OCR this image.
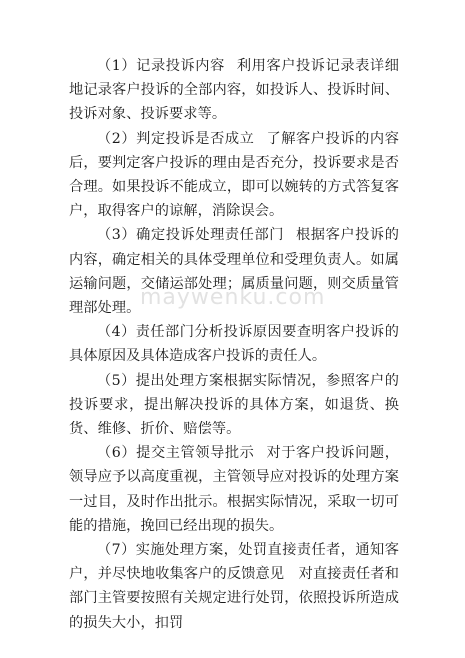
（1）记录投诉内容 利用客户投诉记录表详细地记录客户投诉的全部内容，如投诉人、投诉时间、投诉对象、投诉要求等。

（2）判定投诉是否成立 了解客户投诉的内容后，要判定客户投诉的理由是否充分，投诉要求是否合理。如果投诉不能成立，即可以婉转的方式答复客户，取得客户的谅解，消除误会。

（3）确定投诉处理责任部门 根据客户投诉的内容，确定相关的具体受理单位和受理负责人。如属运输问题，交储运部处理；属质量问题，则交质量管理部处理。

（4）责任部门分析投诉原因要查明客户投诉的具体原因及具体造成客户投诉的责任人。

（5）提出处理方案根据实际情况，参照客户的投诉要求，提出解决投诉的具体方案，如退货、换货、维修、折价、赔偿等。

（6）提交主管领导批示 对于客户投诉问题，领导应予以高度重视，主管领导应对投诉的处理方案一过目，及时作出批示。根据实际情况，采取一切可能的措施，挽回已经出现的损失。

（7）实施处理方案，处罚直接责任者，通知客户，并尽快地收集客户的反馈意见　对直接责任者和部门主管要按照有关规定进行处罚，依照投诉所造成的损失大小，扣罚

maywenku.com
